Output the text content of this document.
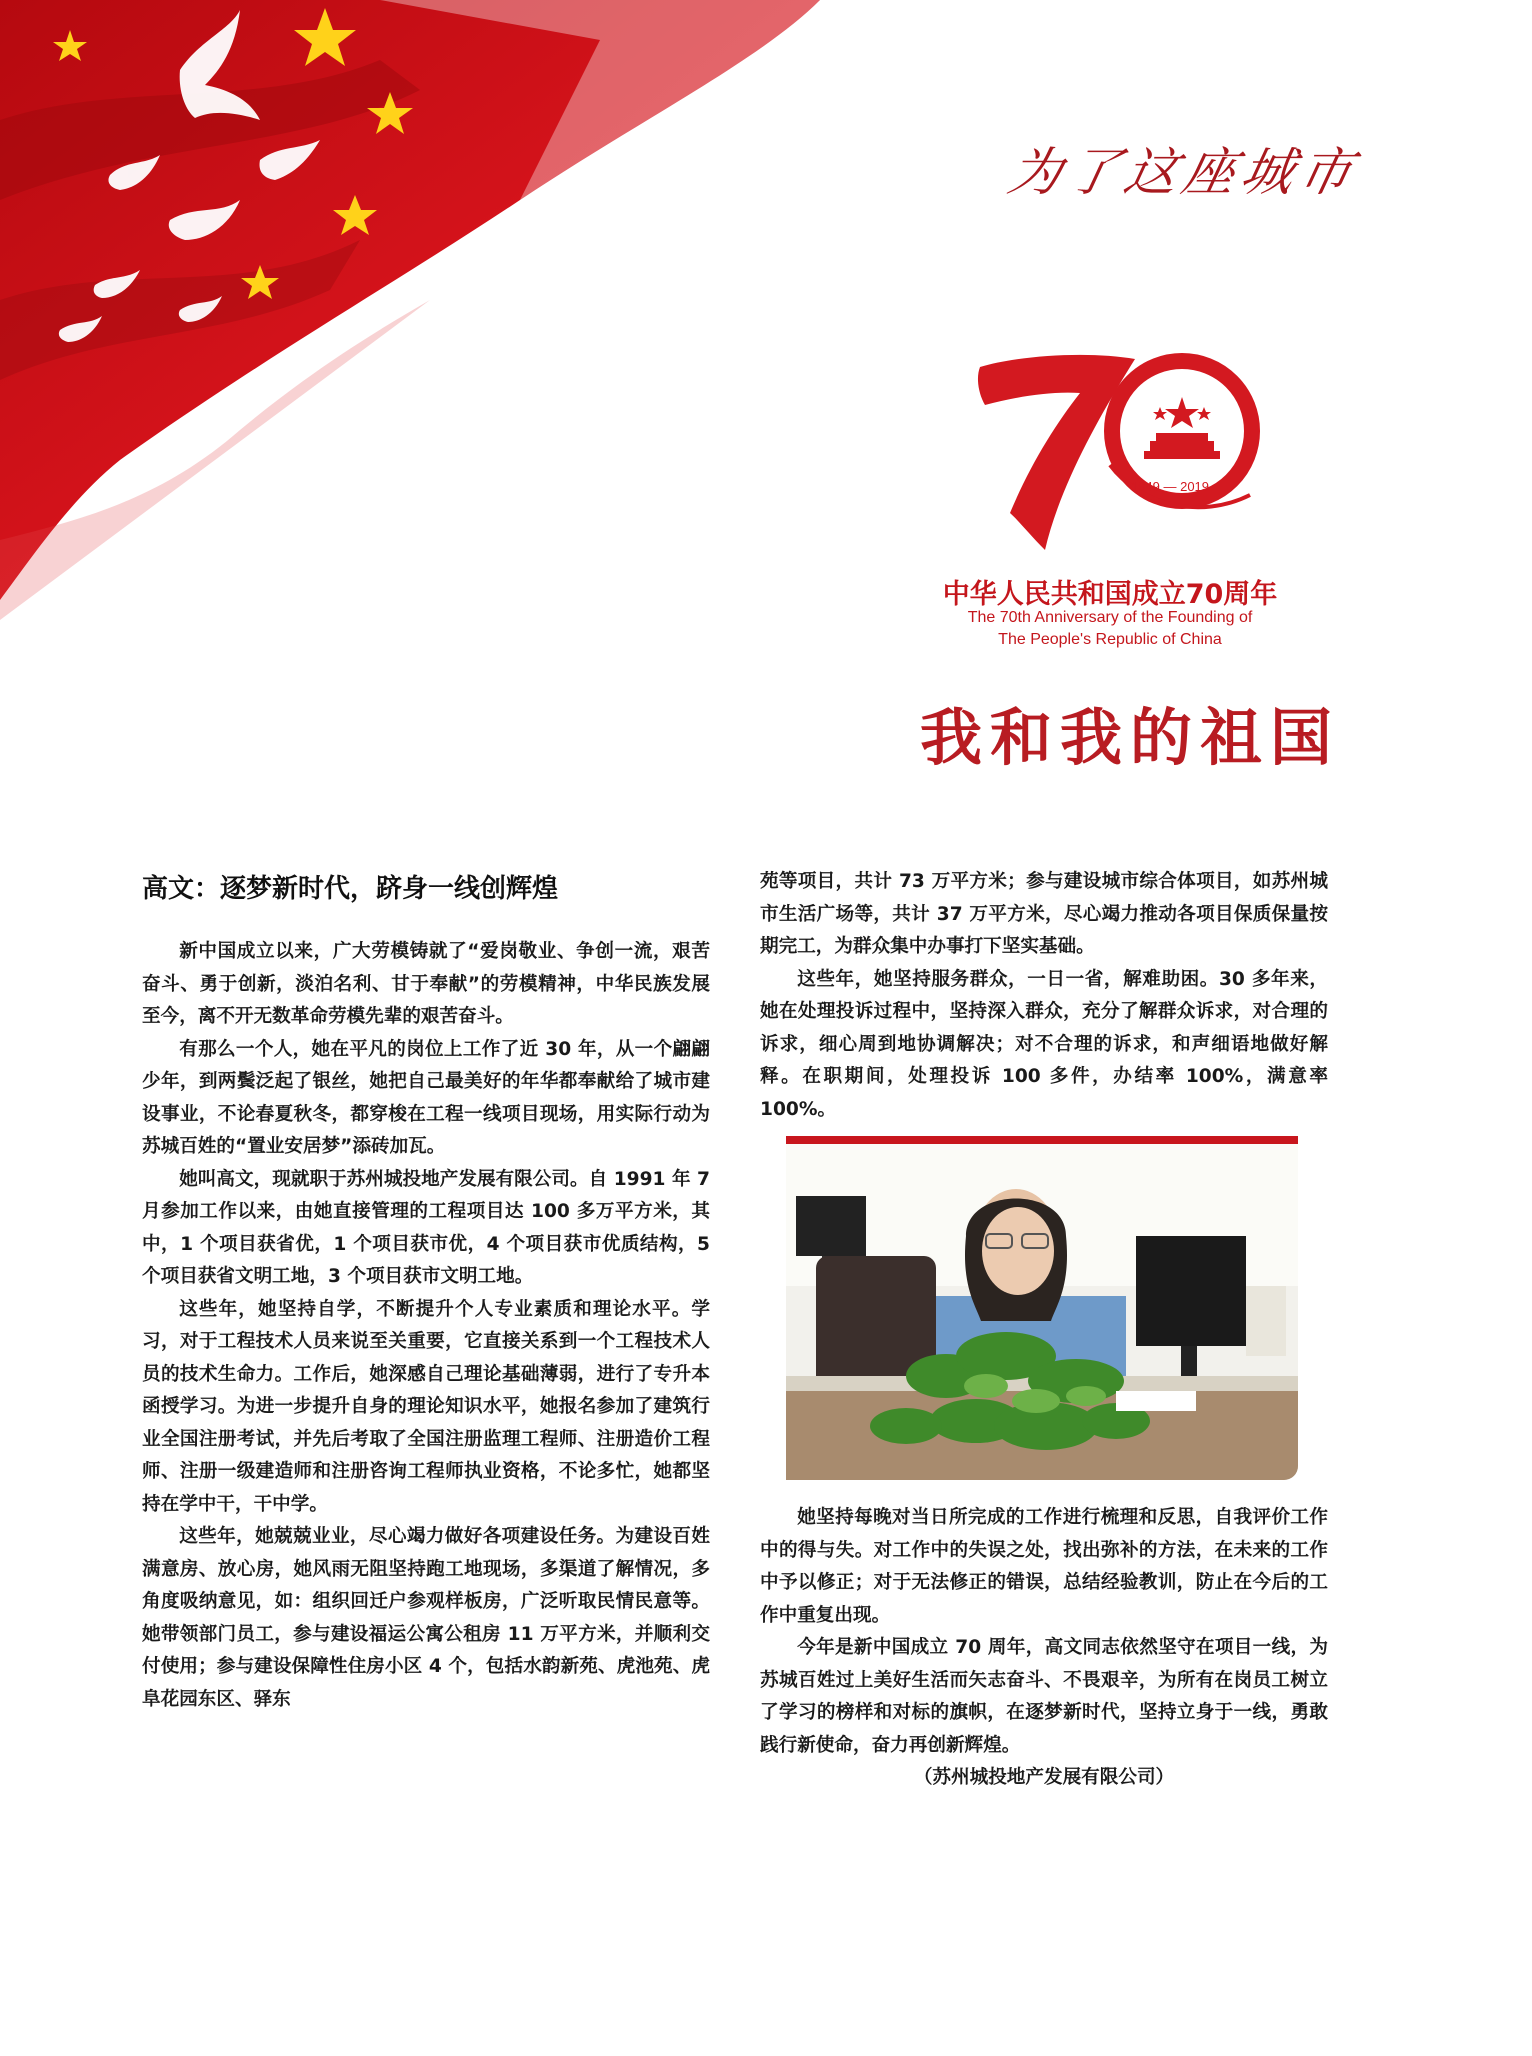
为了这座城市
1949 — 2019
中华人民共和国成立70周年
The 70th Anniversary of the Founding of
The People's Republic of China
我和我的祖国
高文：逐梦新时代，跻身一线创辉煌

新中国成立以来，广大劳模铸就了“爱岗敬业、争创一流，艰苦奋斗、勇于创新，淡泊名利、甘于奉献”的劳模精神，中华民族发展至今，离不开无数革命劳模先辈的艰苦奋斗。

有那么一个人，她在平凡的岗位上工作了近 30 年，从一个翩翩少年，到两鬓泛起了银丝，她把自己最美好的年华都奉献给了城市建设事业，不论春夏秋冬，都穿梭在工程一线项目现场，用实际行动为苏城百姓的“置业安居梦”添砖加瓦。

她叫高文，现就职于苏州城投地产发展有限公司。自 1991 年 7 月参加工作以来，由她直接管理的工程项目达 100 多万平方米，其中，1 个项目获省优，1 个项目获市优，4 个项目获市优质结构，5 个项目获省文明工地，3 个项目获市文明工地。

这些年，她坚持自学，不断提升个人专业素质和理论水平。学习，对于工程技术人员来说至关重要，它直接关系到一个工程技术人员的技术生命力。工作后，她深感自己理论基础薄弱，进行了专升本函授学习。为进一步提升自身的理论知识水平，她报名参加了建筑行业全国注册考试，并先后考取了全国注册监理工程师、注册造价工程师、注册一级建造师和注册咨询工程师执业资格，不论多忙，她都坚持在学中干，干中学。

这些年，她兢兢业业，尽心竭力做好各项建设任务。为建设百姓满意房、放心房，她风雨无阻坚持跑工地现场，多渠道了解情况，多角度吸纳意见，如：组织回迁户参观样板房，广泛听取民情民意等。她带领部门员工，参与建设福运公寓公租房 11 万平方米，并顺利交付使用；参与建设保障性住房小区 4 个，包括水韵新苑、虎池苑、虎阜花园东区、驿东

苑等项目，共计 73 万平方米；参与建设城市综合体项目，如苏州城市生活广场等，共计 37 万平方米，尽心竭力推动各项目保质保量按期完工，为群众集中办事打下坚实基础。

这些年，她坚持服务群众，一日一省，解难助困。30 多年来，她在处理投诉过程中，坚持深入群众，充分了解群众诉求，对合理的诉求，细心周到地协调解决；对不合理的诉求，和声细语地做好解释。在职期间，处理投诉 100 多件，办结率 100%，满意率 100%。

她坚持每晚对当日所完成的工作进行梳理和反思，自我评价工作中的得与失。对工作中的失误之处，找出弥补的方法，在未来的工作中予以修正；对于无法修正的错误，总结经验教训，防止在今后的工作中重复出现。

今年是新中国成立 70 周年，高文同志依然坚守在项目一线，为苏城百姓过上美好生活而矢志奋斗、不畏艰辛，为所有在岗员工树立了学习的榜样和对标的旗帜，在逐梦新时代，坚持立身于一线，勇敢践行新使命，奋力再创新辉煌。

（苏州城投地产发展有限公司）
